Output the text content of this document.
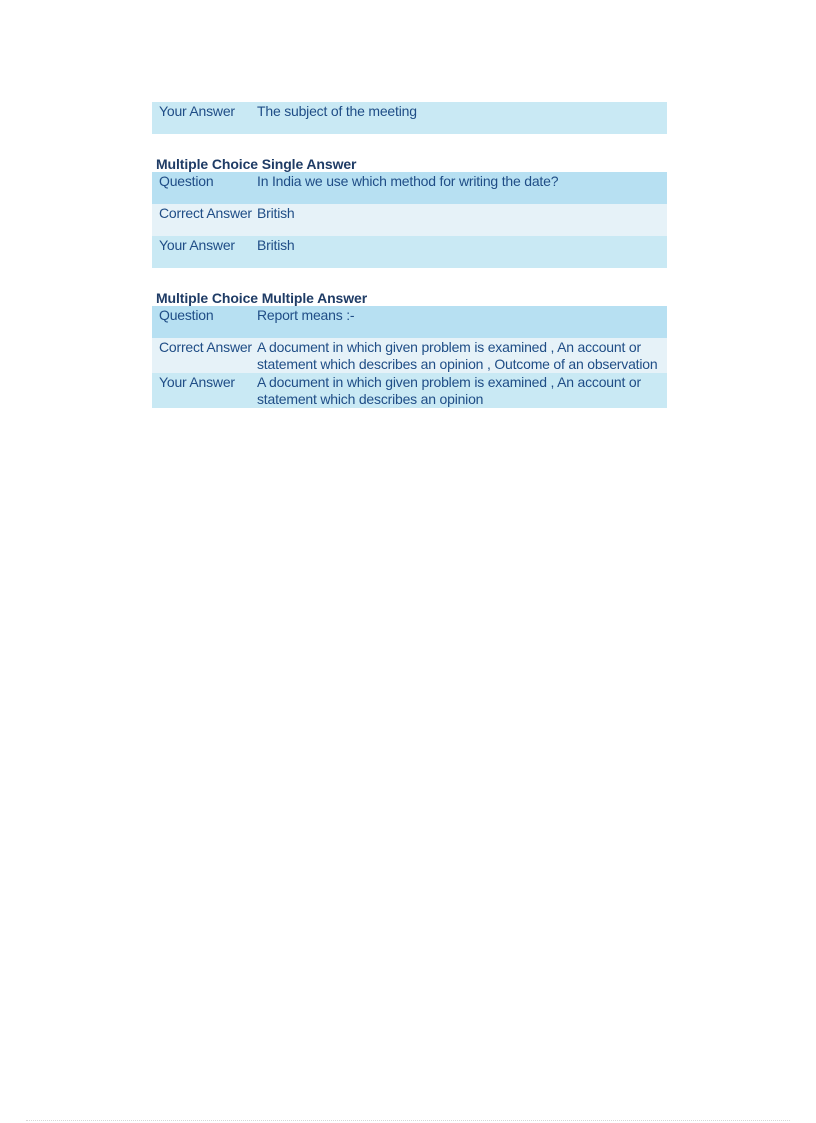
Your Answer	The subject of the meeting
Multiple Choice Single Answer
Question	In India we use which method for writing the date?
Correct Answer	British
Your Answer	British
Multiple Choice Multiple Answer
Question	Report means :-
Correct Answer	A document in which given problem is examined , An account or statement which describes an opinion , Outcome of an observation
Your Answer	A document in which given problem is examined , An account or statement which describes an opinion
